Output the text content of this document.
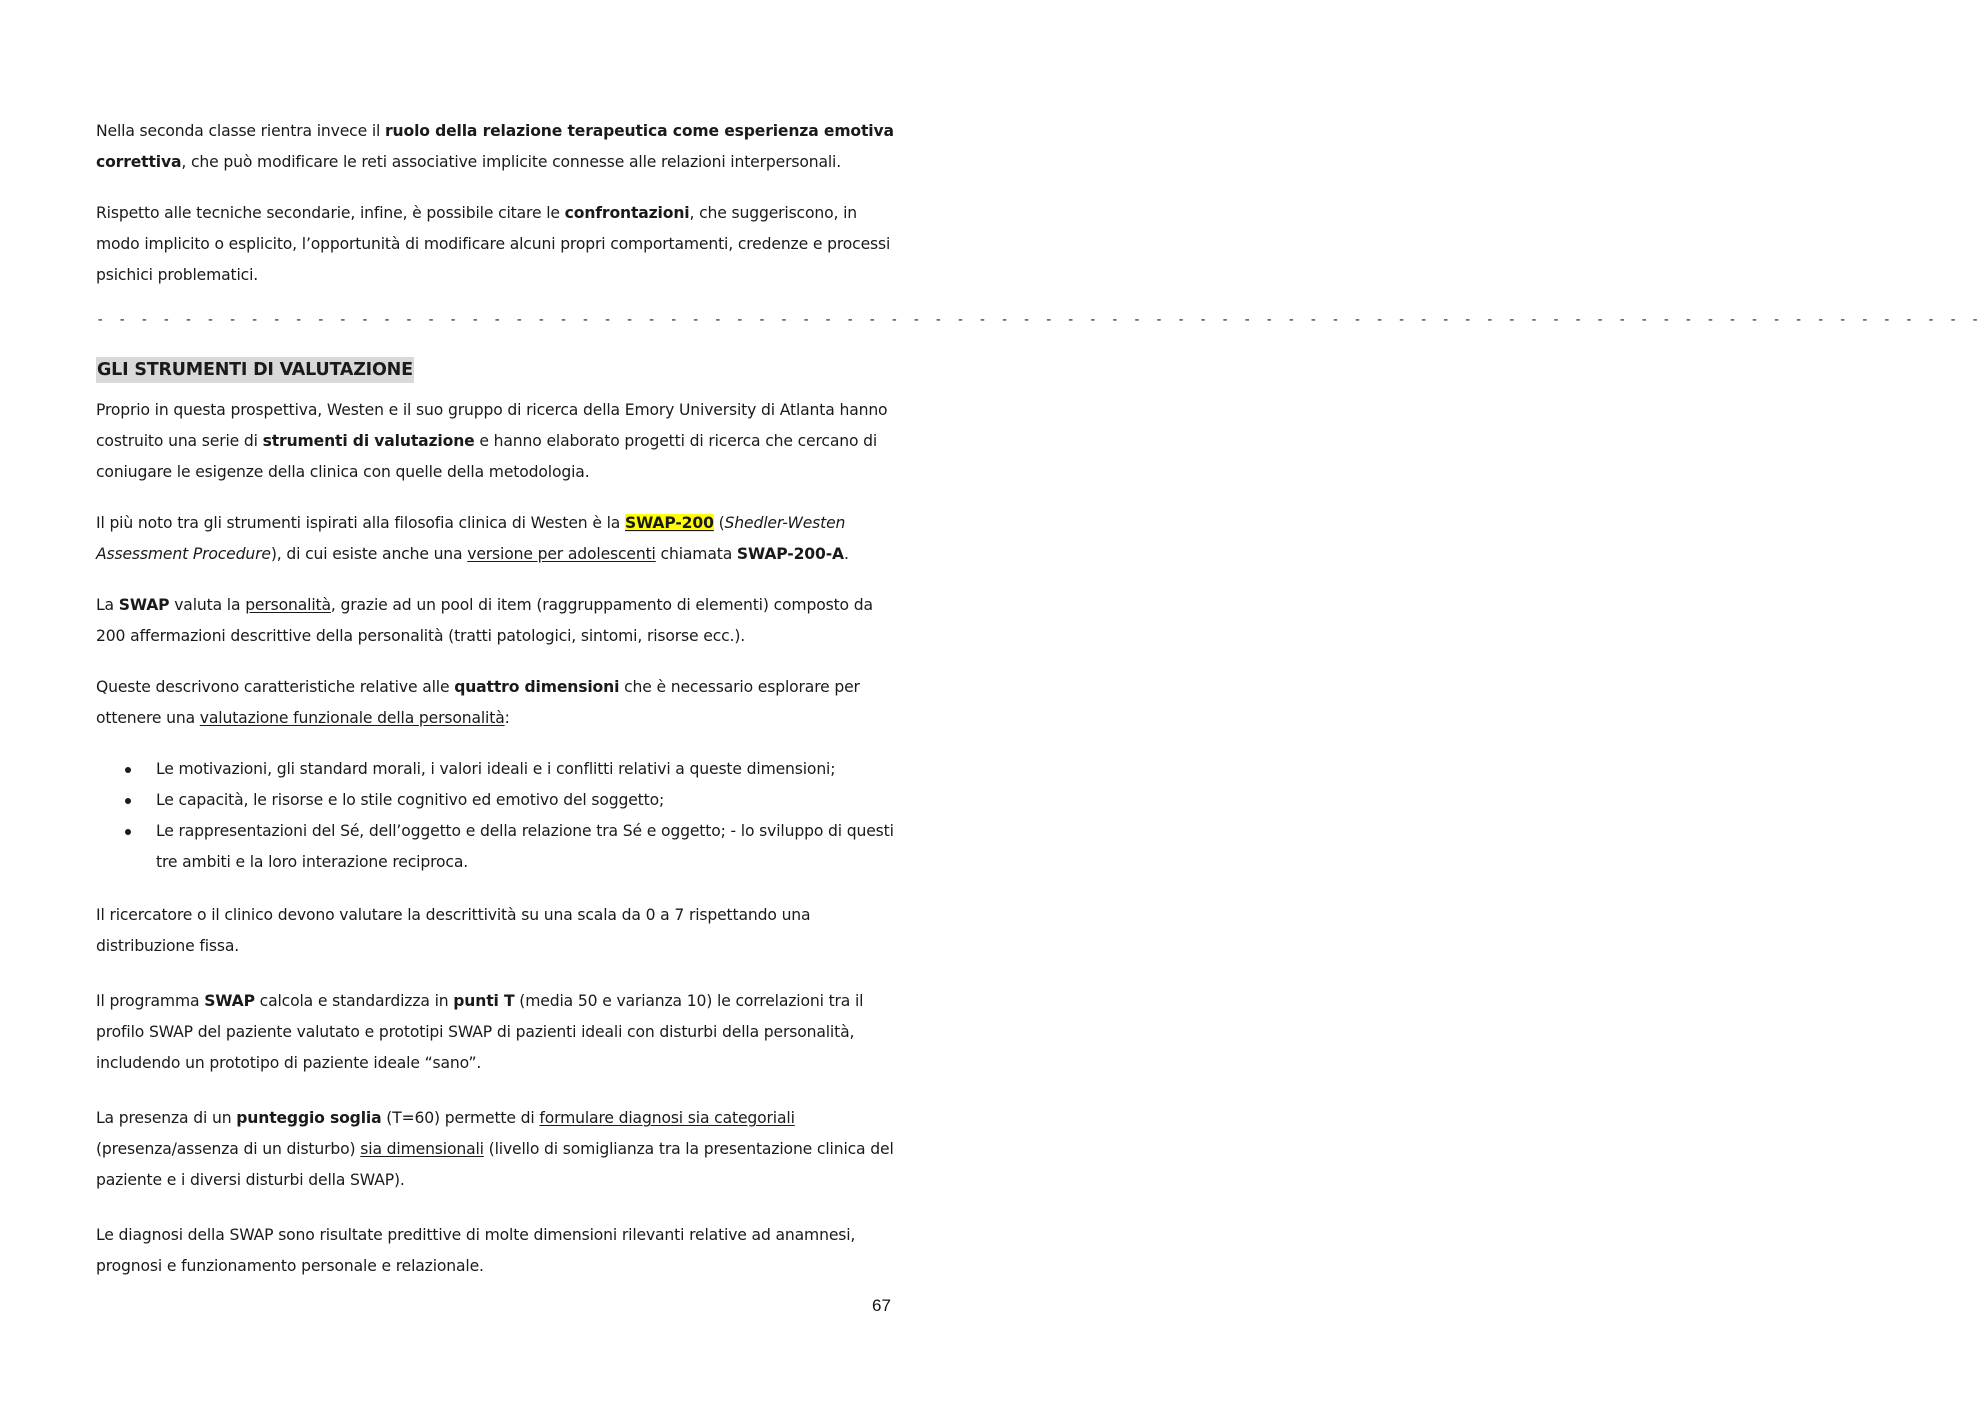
Nella seconda classe rientra invece il ruolo della relazione terapeutica come esperienza emotiva correttiva, che può modificare le reti associative implicite connesse alle relazioni interpersonali.

Rispetto alle tecniche secondarie, infine, è possibile citare le confrontazioni, che suggeriscono, in modo implicito o esplicito, l’opportunità di modificare alcuni propri comportamenti, credenze e processi psichici problematici.

- - - - - - - - - - - - - - - - - - - - - - - - - - - - - - - - - - - - - - - - - - - - - - - - - - - - - - - - - - - - - - - - - - - - - - - - - - - - - - - - - - - - - -
GLI STRUMENTI DI VALUTAZIONE

Proprio in questa prospettiva, Westen e il suo gruppo di ricerca della Emory University di Atlanta hanno costruito una serie di strumenti di valutazione e hanno elaborato progetti di ricerca che cercano di coniugare le esigenze della clinica con quelle della metodologia.

Il più noto tra gli strumenti ispirati alla filosofia clinica di Westen è la SWAP-200 (Shedler-Westen Assessment Procedure), di cui esiste anche una versione per adolescenti chiamata SWAP-200-A.

La SWAP valuta la personalità, grazie ad un pool di item (raggruppamento di elementi) composto da 200 affermazioni descrittive della personalità (tratti patologici, sintomi, risorse ecc.).

Queste descrivono caratteristiche relative alle quattro dimensioni che è necessario esplorare per ottenere una valutazione funzionale della personalità:

Le motivazioni, gli standard morali, i valori ideali e i conflitti relativi a queste dimensioni;
Le capacità, le risorse e lo stile cognitivo ed emotivo del soggetto;
Le rappresentazioni del Sé, dell’oggetto e della relazione tra Sé e oggetto; - lo sviluppo di questi tre ambiti e la loro interazione reciproca.

Il ricercatore o il clinico devono valutare la descrittività su una scala da 0 a 7 rispettando una distribuzione fissa.

Il programma SWAP calcola e standardizza in punti T (media 50 e varianza 10) le correlazioni tra il profilo SWAP del paziente valutato e prototipi SWAP di pazienti ideali con disturbi della personalità, includendo un prototipo di paziente ideale “sano”.

La presenza di un punteggio soglia (T=60) permette di formulare diagnosi sia categoriali (presenza/assenza di un disturbo) sia dimensionali (livello di somiglianza tra la presentazione clinica del paziente e i diversi disturbi della SWAP).

Le diagnosi della SWAP sono risultate predittive di molte dimensioni rilevanti relative ad anamnesi, prognosi e funzionamento personale e relazionale.

67
